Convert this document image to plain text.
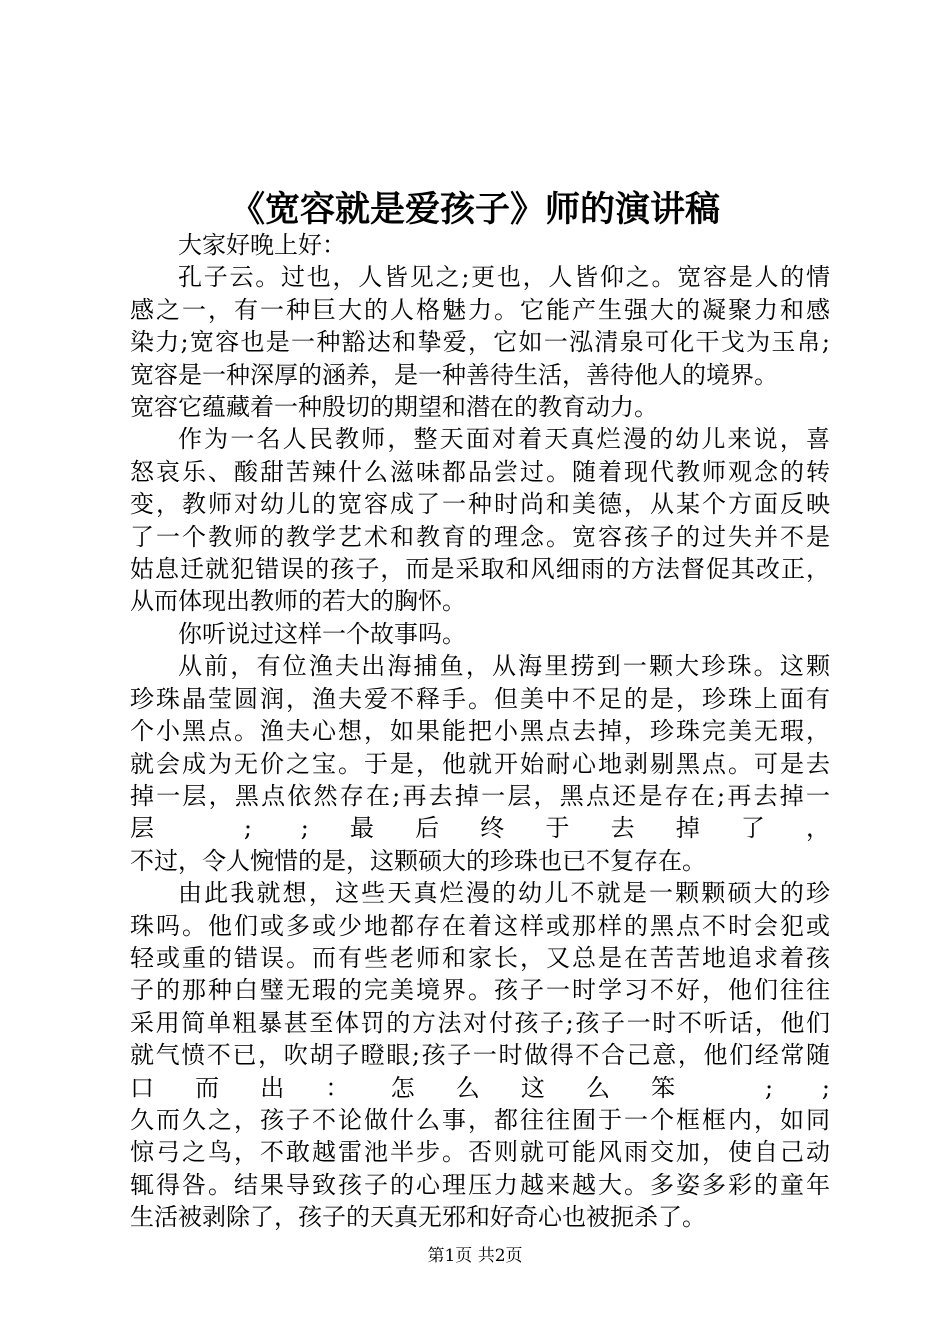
《宽容就是爱孩子》师的演讲稿

大家好晚上好：

孔子云。过也，人皆见之;更也，人皆仰之。宽容是人的情
感之一，有一种巨大的人格魅力。它能产生强大的凝聚力和感
染力;宽容也是一种豁达和挚爱，它如一泓清泉可化干戈为玉帛;
宽容是一种深厚的涵养，是一种善待生活，善待他人的境界。
宽容它蕴藏着一种殷切的期望和潜在的教育动力。

作为一名人民教师，整天面对着天真烂漫的幼儿来说，喜
怒哀乐、酸甜苦辣什么滋味都品尝过。随着现代教师观念的转
变，教师对幼儿的宽容成了一种时尚和美德，从某个方面反映
了一个教师的教学艺术和教育的理念。宽容孩子的过失并不是
姑息迁就犯错误的孩子，而是采取和风细雨的方法督促其改正，
从而体现出教师的若大的胸怀。

你听说过这样一个故事吗。

从前，有位渔夫出海捕鱼，从海里捞到一颗大珍珠。这颗
珍珠晶莹圆润，渔夫爱不释手。但美中不足的是，珍珠上面有
个小黑点。渔夫心想，如果能把小黑点去掉，珍珠完美无瑕，
就会成为无价之宝。于是，他就开始耐心地剥剔黑点。可是去
掉一层，黑点依然存在;再去掉一层，黑点还是存在;再去掉一
层 ; ;最后终于去掉了，
不过，令人惋惜的是，这颗硕大的珍珠也已不复存在。

由此我就想，这些天真烂漫的幼儿不就是一颗颗硕大的珍
珠吗。他们或多或少地都存在着这样或那样的黑点不时会犯或
轻或重的错误。而有些老师和家长，又总是在苦苦地追求着孩
子的那种白璧无瑕的完美境界。孩子一时学习不好，他们往往
采用简单粗暴甚至体罚的方法对付孩子;孩子一时不听话，他们
就气愤不已，吹胡子瞪眼;孩子一时做得不合己意，他们经常随
口而出：怎么这么笨 ; ;
久而久之，孩子不论做什么事，都往往囿于一个框框内，如同
惊弓之鸟，不敢越雷池半步。否则就可能风雨交加，使自己动
辄得咎。结果导致孩子的心理压力越来越大。多姿多彩的童年
生活被剥除了，孩子的天真无邪和好奇心也被扼杀了。

第1页 共2页
